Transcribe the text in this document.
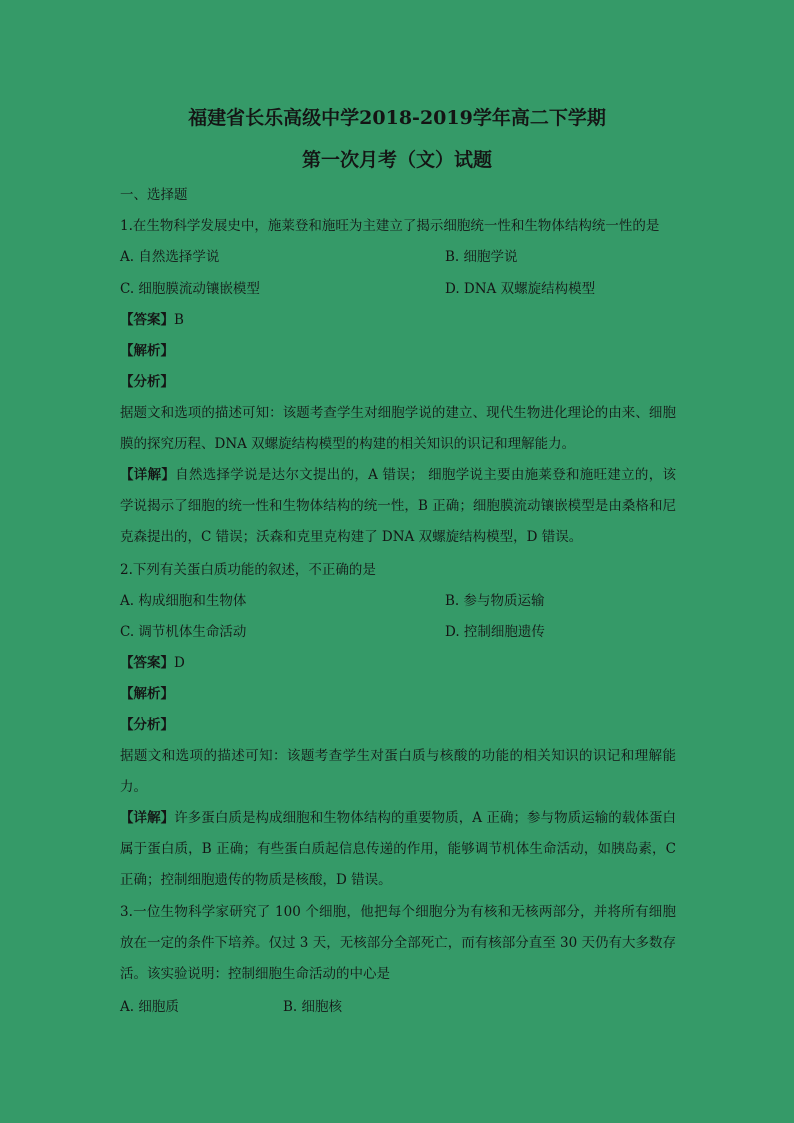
福建省长乐高级中学2018-2019学年高二下学期
第一次月考（文）试题
一、选择题
1.在生物科学发展史中，施莱登和施旺为主建立了揭示细胞统一性和生物体结构统一性的是
A. 自然选择学说	B. 细胞学说
C. 细胞膜流动镶嵌模型	D. DNA 双螺旋结构模型
【答案】B
【解析】
【分析】
据题文和选项的描述可知：该题考查学生对细胞学说的建立、现代生物进化理论的由来、细胞膜的探究历程、DNA 双螺旋结构模型的构建的相关知识的识记和理解能力。
【详解】自然选择学说是达尔文提出的，A 错误； 细胞学说主要由施莱登和施旺建立的，该学说揭示了细胞的统一性和生物体结构的统一性，B 正确；细胞膜流动镶嵌模型是由桑格和尼克森提出的，C 错误；沃森和克里克构建了 DNA 双螺旋结构模型，D 错误。
2.下列有关蛋白质功能的叙述，不正确的是
A. 构成细胞和生物体	B. 参与物质运输
C. 调节机体生命活动	D. 控制细胞遗传
【答案】D
【解析】
【分析】
据题文和选项的描述可知：该题考查学生对蛋白质与核酸的功能的相关知识的识记和理解能力。
【详解】许多蛋白质是构成细胞和生物体结构的重要物质，A 正确；参与物质运输的载体蛋白属于蛋白质，B 正确；有些蛋白质起信息传递的作用，能够调节机体生命活动，如胰岛素，C 正确；控制细胞遗传的物质是核酸，D 错误。
3.一位生物科学家研究了 100 个细胞，他把每个细胞分为有核和无核两部分，并将所有细胞放在一定的条件下培养。仅过 3 天，无核部分全部死亡，而有核部分直至 30 天仍有大多数存活。该实验说明：控制细胞生命活动的中心是
A. 细胞质	B. 细胞核
